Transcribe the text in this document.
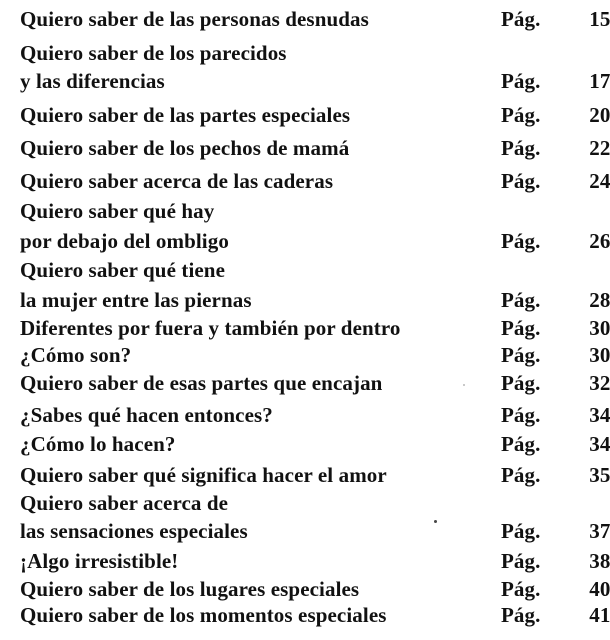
Quiero saber de las personas desnudas	Pág.	15
Quiero saber de los parecidos
y las diferencias	Pág.	17
Quiero saber de las partes especiales	Pág.	20
Quiero saber de los pechos de mamá	Pág.	22
Quiero saber acerca de las caderas	Pág.	24
Quiero saber qué hay
por debajo del ombligo	Pág.	26
Quiero saber qué tiene
la mujer entre las piernas	Pág.	28
Diferentes por fuera y también por dentro	Pág.	30
¿Cómo son?	Pág.	30
Quiero saber de esas partes que encajan	Pág.	32
¿Sabes qué hacen entonces?	Pág.	34
¿Cómo lo hacen?	Pág.	34
Quiero saber qué significa hacer el amor	Pág.	35
Quiero saber acerca de
las sensaciones especiales	Pág.	37
¡Algo irresistible!	Pág.	38
Quiero saber de los lugares especiales	Pág.	40
Quiero saber de los momentos especiales	Pág.	41
